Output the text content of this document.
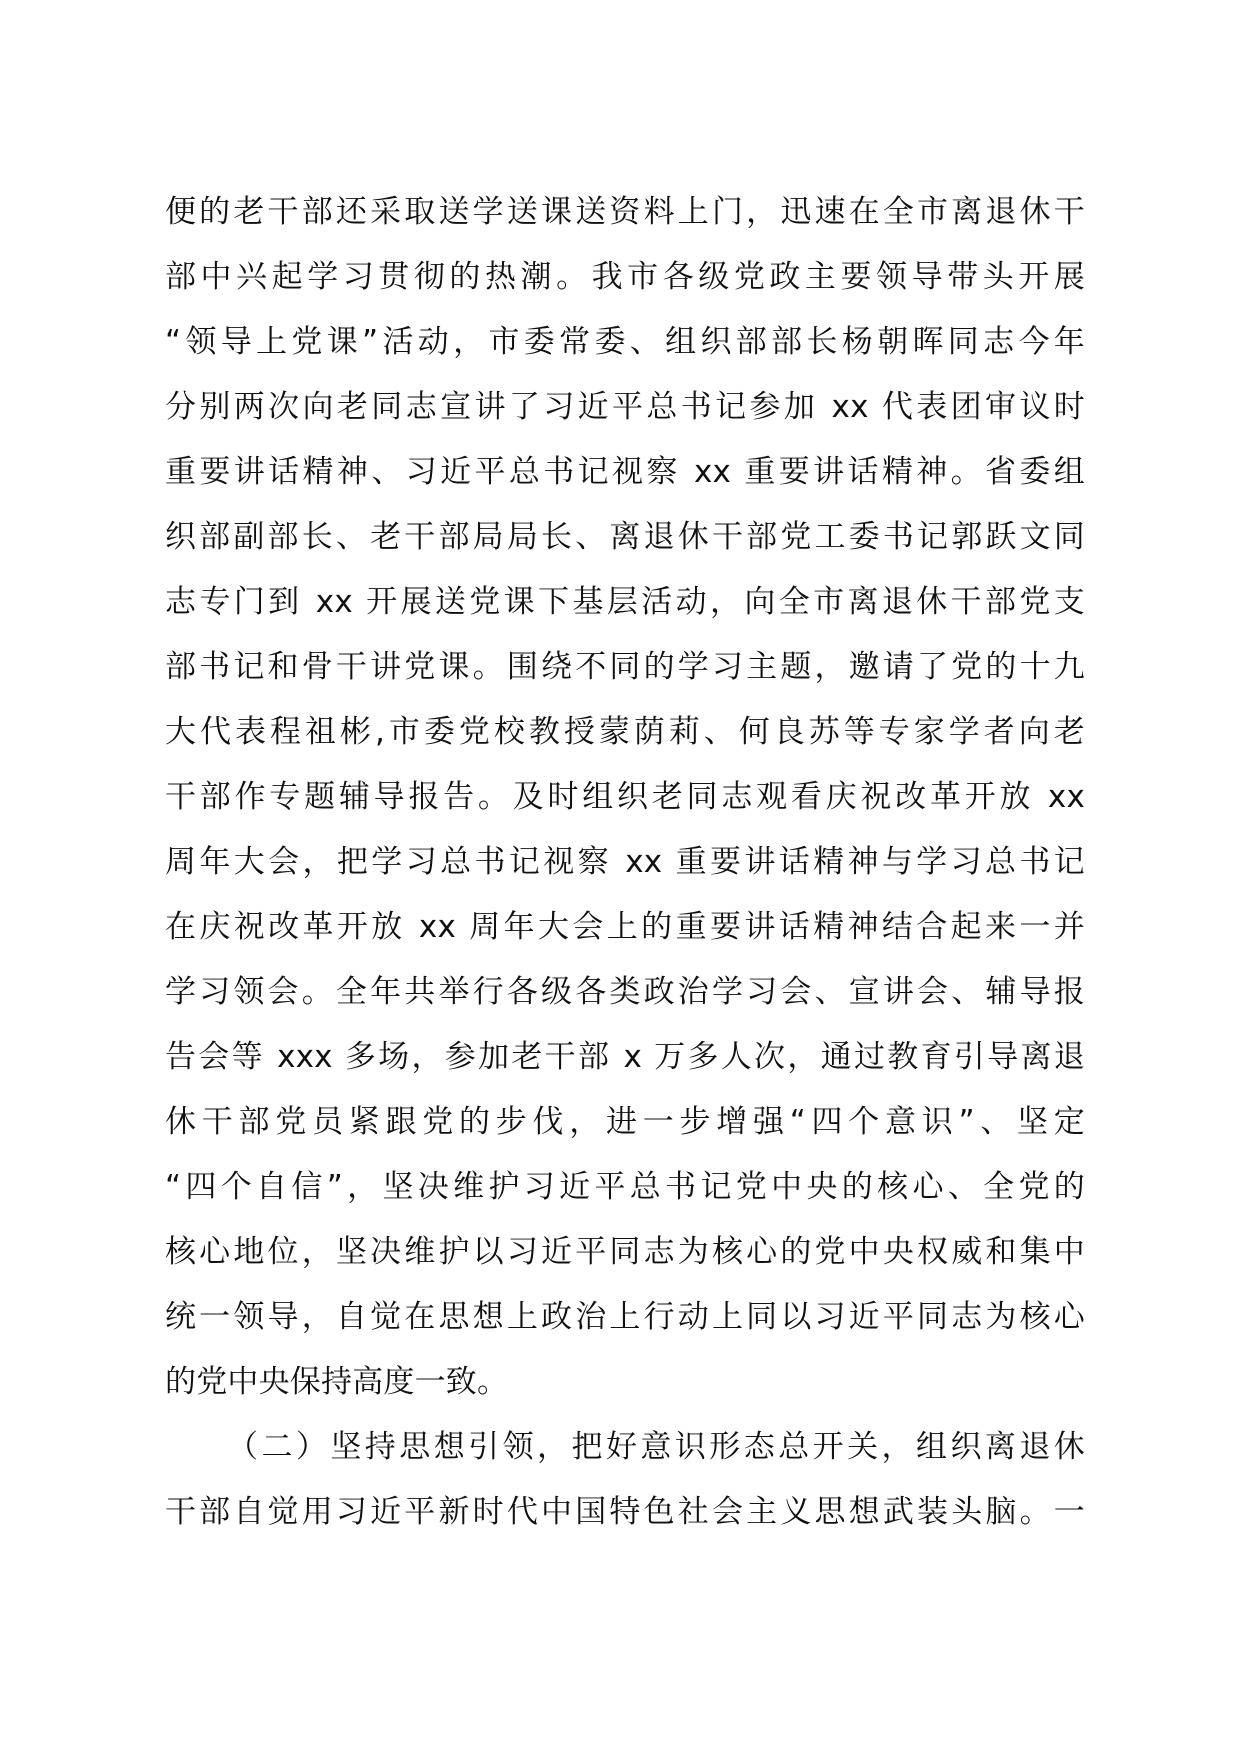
便的老干部还采取送学送课送资料上门，迅速在全市离退休干
部中兴起学习贯彻的热潮。我市各级党政主要领导带头开展
“领导上党课”活动，市委常委、组织部部长杨朝晖同志今年
分别两次向老同志宣讲了习近平总书记参加 xx 代表团审议时
重要讲话精神、习近平总书记视察 xx 重要讲话精神。省委组
织部副部长、老干部局局长、离退休干部党工委书记郭跃文同
志专门到 xx 开展送党课下基层活动，向全市离退休干部党支
部书记和骨干讲党课。围绕不同的学习主题，邀请了党的十九
大代表程祖彬,市委党校教授蒙荫莉、何良苏等专家学者向老
干部作专题辅导报告。及时组织老同志观看庆祝改革开放 xx
周年大会，把学习总书记视察 xx 重要讲话精神与学习总书记
在庆祝改革开放 xx 周年大会上的重要讲话精神结合起来一并
学习领会。全年共举行各级各类政治学习会、宣讲会、辅导报
告会等 xxx 多场，参加老干部 x 万多人次，通过教育引导离退
休干部党员紧跟党的步伐，进一步增强“四个意识”、坚定
“四个自信”，坚决维护习近平总书记党中央的核心、全党的
核心地位，坚决维护以习近平同志为核心的党中央权威和集中
统一领导，自觉在思想上政治上行动上同以习近平同志为核心
的党中央保持高度一致。
（二）坚持思想引领，把好意识形态总开关，组织离退休
干部自觉用习近平新时代中国特色社会主义思想武装头脑。一
